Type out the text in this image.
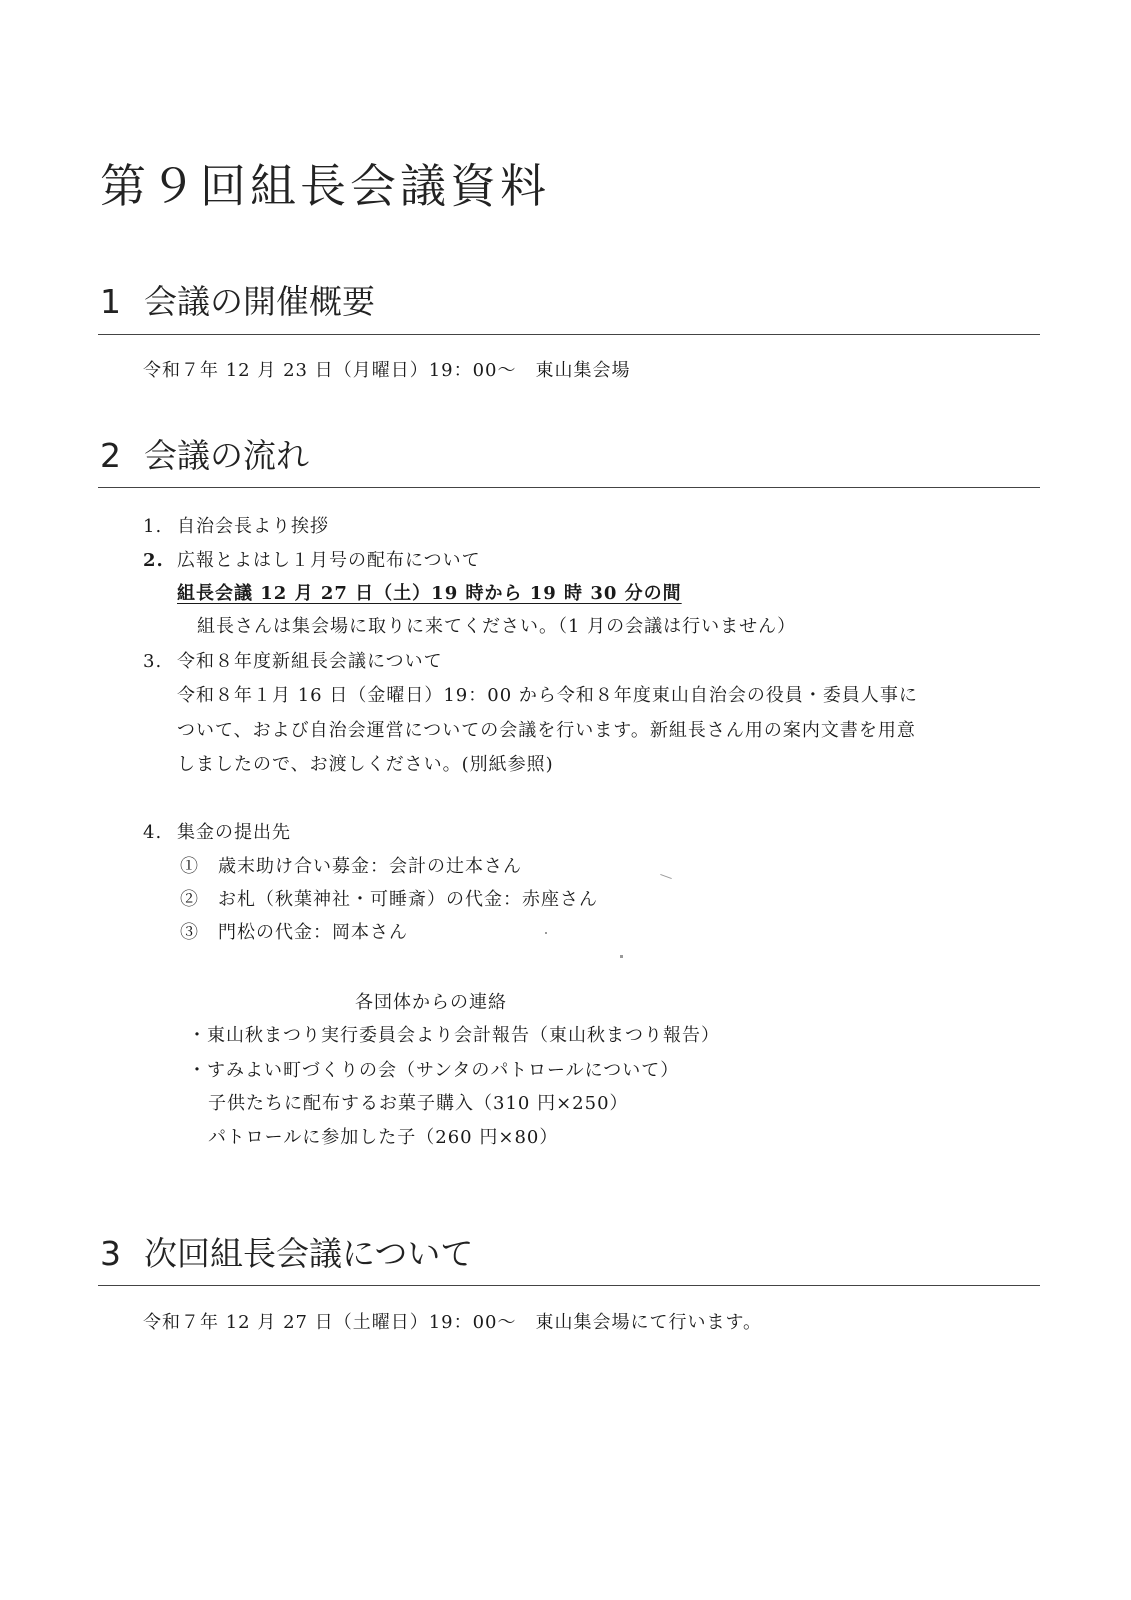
第９回組長会議資料
1 会議の開催概要
令和７年 12 月 23 日（月曜日）19：00～　東山集会場
2 会議の流れ
1. 自治会長より挨拶
2. 広報とよはし１月号の配布について
組長会議 12 月 27 日（土）19 時から 19 時 30 分の間
組長さんは集会場に取りに来てください。（1 月の会議は行いません）
3. 令和８年度新組長会議について
令和８年１月 16 日（金曜日）19：00 から令和８年度東山自治会の役員・委員人事に
ついて、および自治会運営についての会議を行います。新組長さん用の案内文書を用意
しましたので、お渡しください。(別紙参照)
4. 集金の提出先
①　歳末助け合い募金：会計の辻本さん
②　お札（秋葉神社・可睡斎）の代金：赤座さん
③　門松の代金：岡本さん
各団体からの連絡
・東山秋まつり実行委員会より会計報告（東山秋まつり報告）
・すみよい町づくりの会（サンタのパトロールについて）
子供たちに配布するお菓子購入（310 円×250）
パトロールに参加した子（260 円×80）
3 次回組長会議について
令和７年 12 月 27 日（土曜日）19：00～　東山集会場にて行います。
